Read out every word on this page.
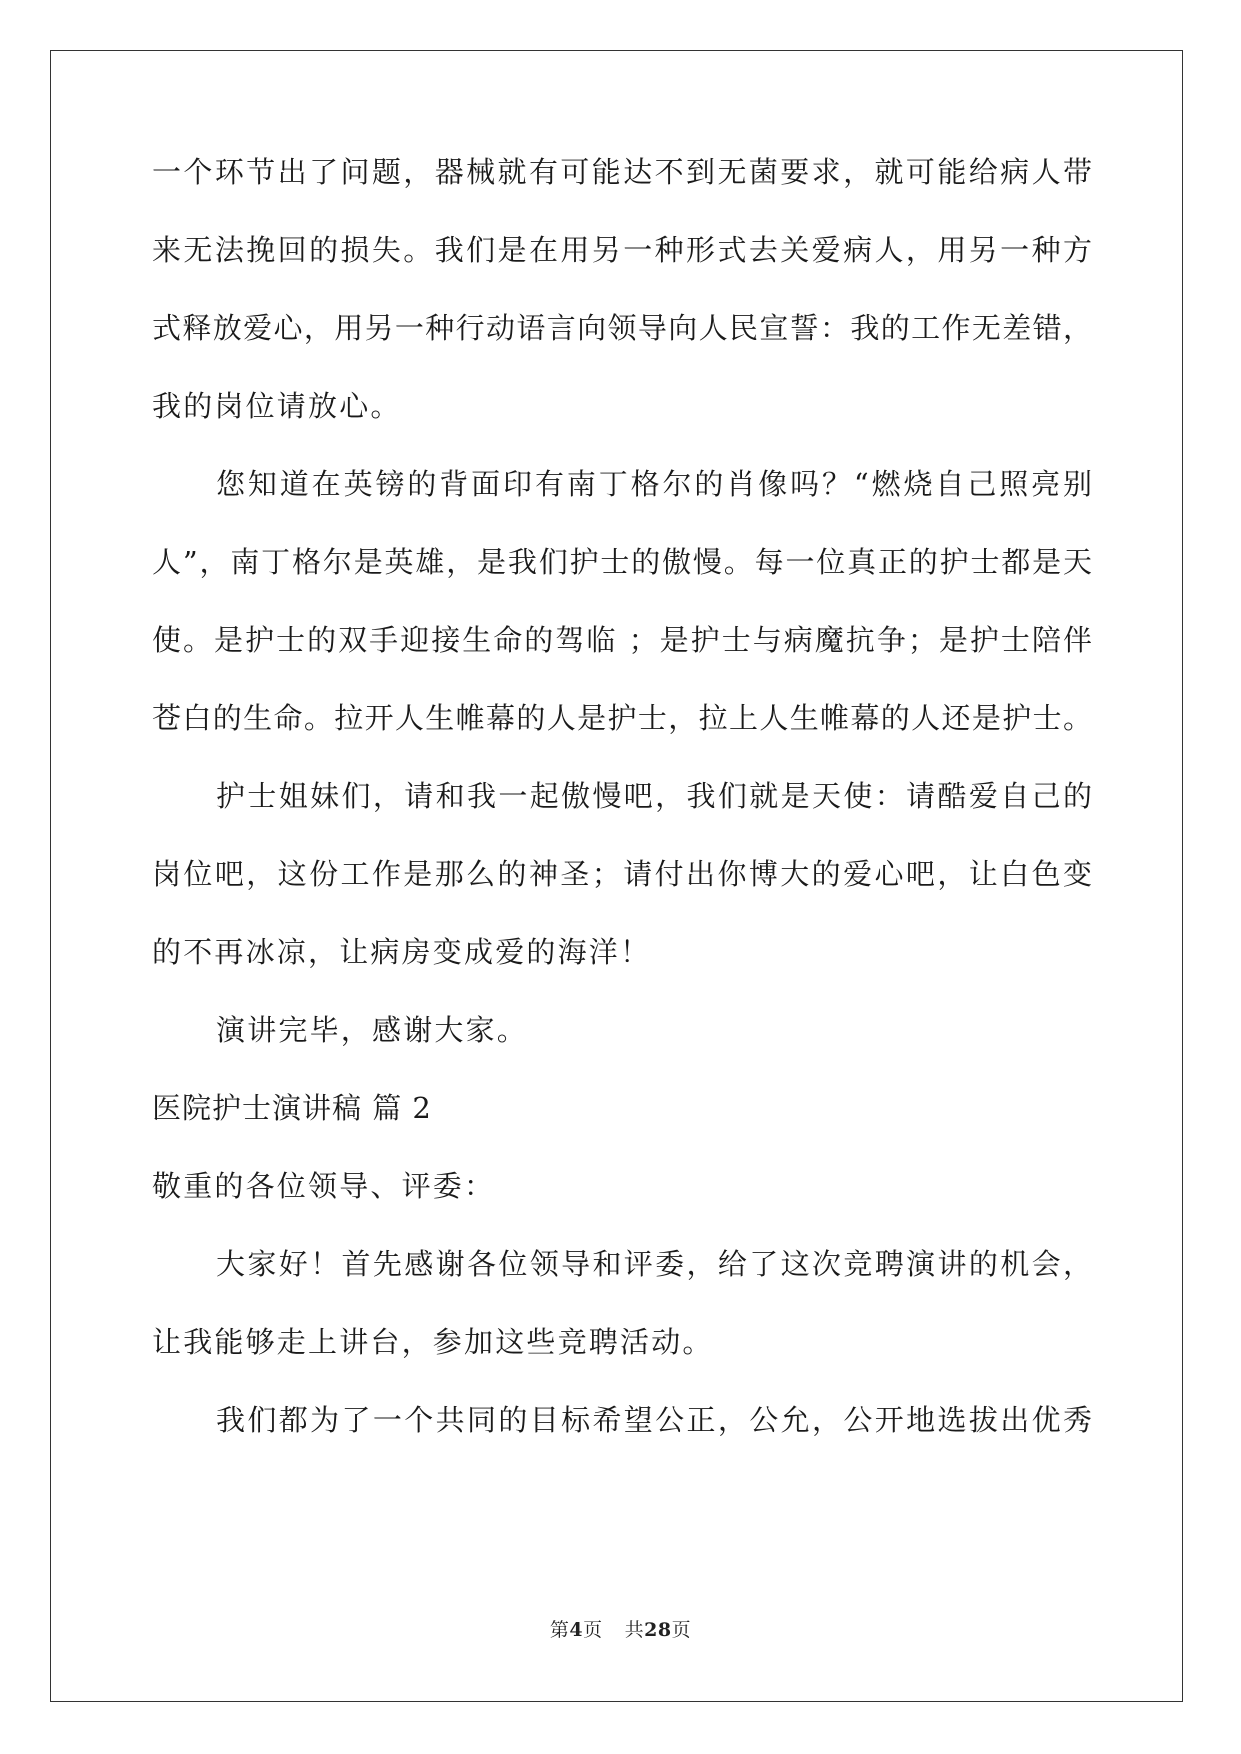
一个环节出了问题，器械就有可能达不到无菌要求，就可能给病人带
来无法挽回的损失。我们是在用另一种形式去关爱病人，用另一种方
式释放爱心，用另一种行动语言向领导向人民宣誓：我的工作无差错，
我的岗位请放心。
您知道在英镑的背面印有南丁格尔的肖像吗？“燃烧自己照亮别
人”，南丁格尔是英雄，是我们护士的傲慢。每一位真正的护士都是天
使。是护士的双手迎接生命的驾临 ；是护士与病魔抗争；是护士陪伴
苍白的生命。拉开人生帷幕的人是护士，拉上人生帷幕的人还是护士。
护士姐妹们，请和我一起傲慢吧，我们就是天使：请酷爱自己的
岗位吧，这份工作是那么的神圣；请付出你博大的爱心吧，让白色变
的不再冰凉，让病房变成爱的海洋！
演讲完毕，感谢大家。
医院护士演讲稿 篇 2
敬重的各位领导、评委：
大家好！首先感谢各位领导和评委，给了这次竞聘演讲的机会，
让我能够走上讲台，参加这些竞聘活动。
我们都为了一个共同的目标希望公正，公允，公开地选拔出优秀
第4页 共28页
